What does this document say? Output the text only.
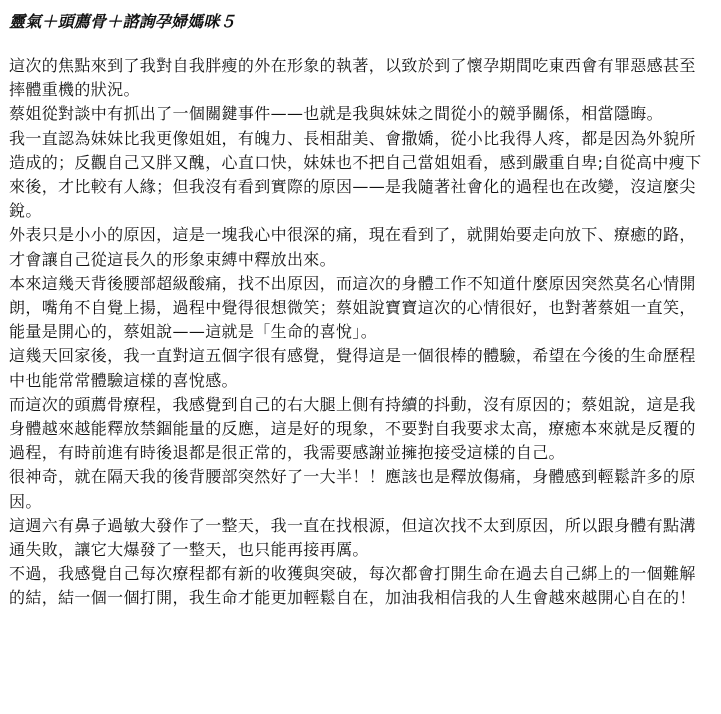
靈氣＋頭薦骨＋諮詢孕婦媽咪５

這次的焦點來到了我對自我胖瘦的外在形象的執著，以致於到了懷孕期間吃東西會有罪惡感甚至摔體重機的狀況。

蔡姐從對談中有抓出了一個關鍵事件——也就是我與妹妹之間從小的競爭關係，相當隱晦。

我一直認為妹妹比我更像姐姐，有魄力、長相甜美、會撒嬌，從小比我得人疼，都是因為外貌所造成的；反觀自己又胖又醜，心直口快，妹妹也不把自己當姐姐看，感到嚴重自卑;自從高中瘦下來後，才比較有人緣；但我沒有看到實際的原因——是我隨著社會化的過程也在改變，沒這麼尖銳。

外表只是小小的原因，這是一塊我心中很深的痛，現在看到了，就開始要走向放下、療癒的路，才會讓自己從這長久的形象束縛中釋放出來。

本來這幾天背後腰部超級酸痛，找不出原因，而這次的身體工作不知道什麼原因突然莫名心情開朗，嘴角不自覺上揚，過程中覺得很想微笑；蔡姐說寶寶這次的心情很好，也對著蔡姐一直笑，能量是開心的，蔡姐說——這就是「生命的喜悅」。

這幾天回家後，我一直對這五個字很有感覺，覺得這是一個很棒的體驗，希望在今後的生命歷程中也能常常體驗這樣的喜悅感。

而這次的頭薦骨療程，我感覺到自己的右大腿上側有持續的抖動，沒有原因的；蔡姐說，這是我身體越來越能釋放禁錮能量的反應，這是好的現象，不要對自我要求太高，療癒本來就是反覆的過程，有時前進有時後退都是很正常的，我需要感謝並擁抱接受這樣的自己。

很神奇，就在隔天我的後背腰部突然好了一大半！！應該也是釋放傷痛，身體感到輕鬆許多的原因。

這週六有鼻子過敏大發作了一整天，我一直在找根源，但這次找不太到原因，所以跟身體有點溝通失敗，讓它大爆發了一整天，也只能再接再厲。

不過，我感覺自己每次療程都有新的收獲與突破，每次都會打開生命在過去自己綁上的一個難解的結，結一個一個打開，我生命才能更加輕鬆自在，加油我相信我的人生會越來越開心自在的！
